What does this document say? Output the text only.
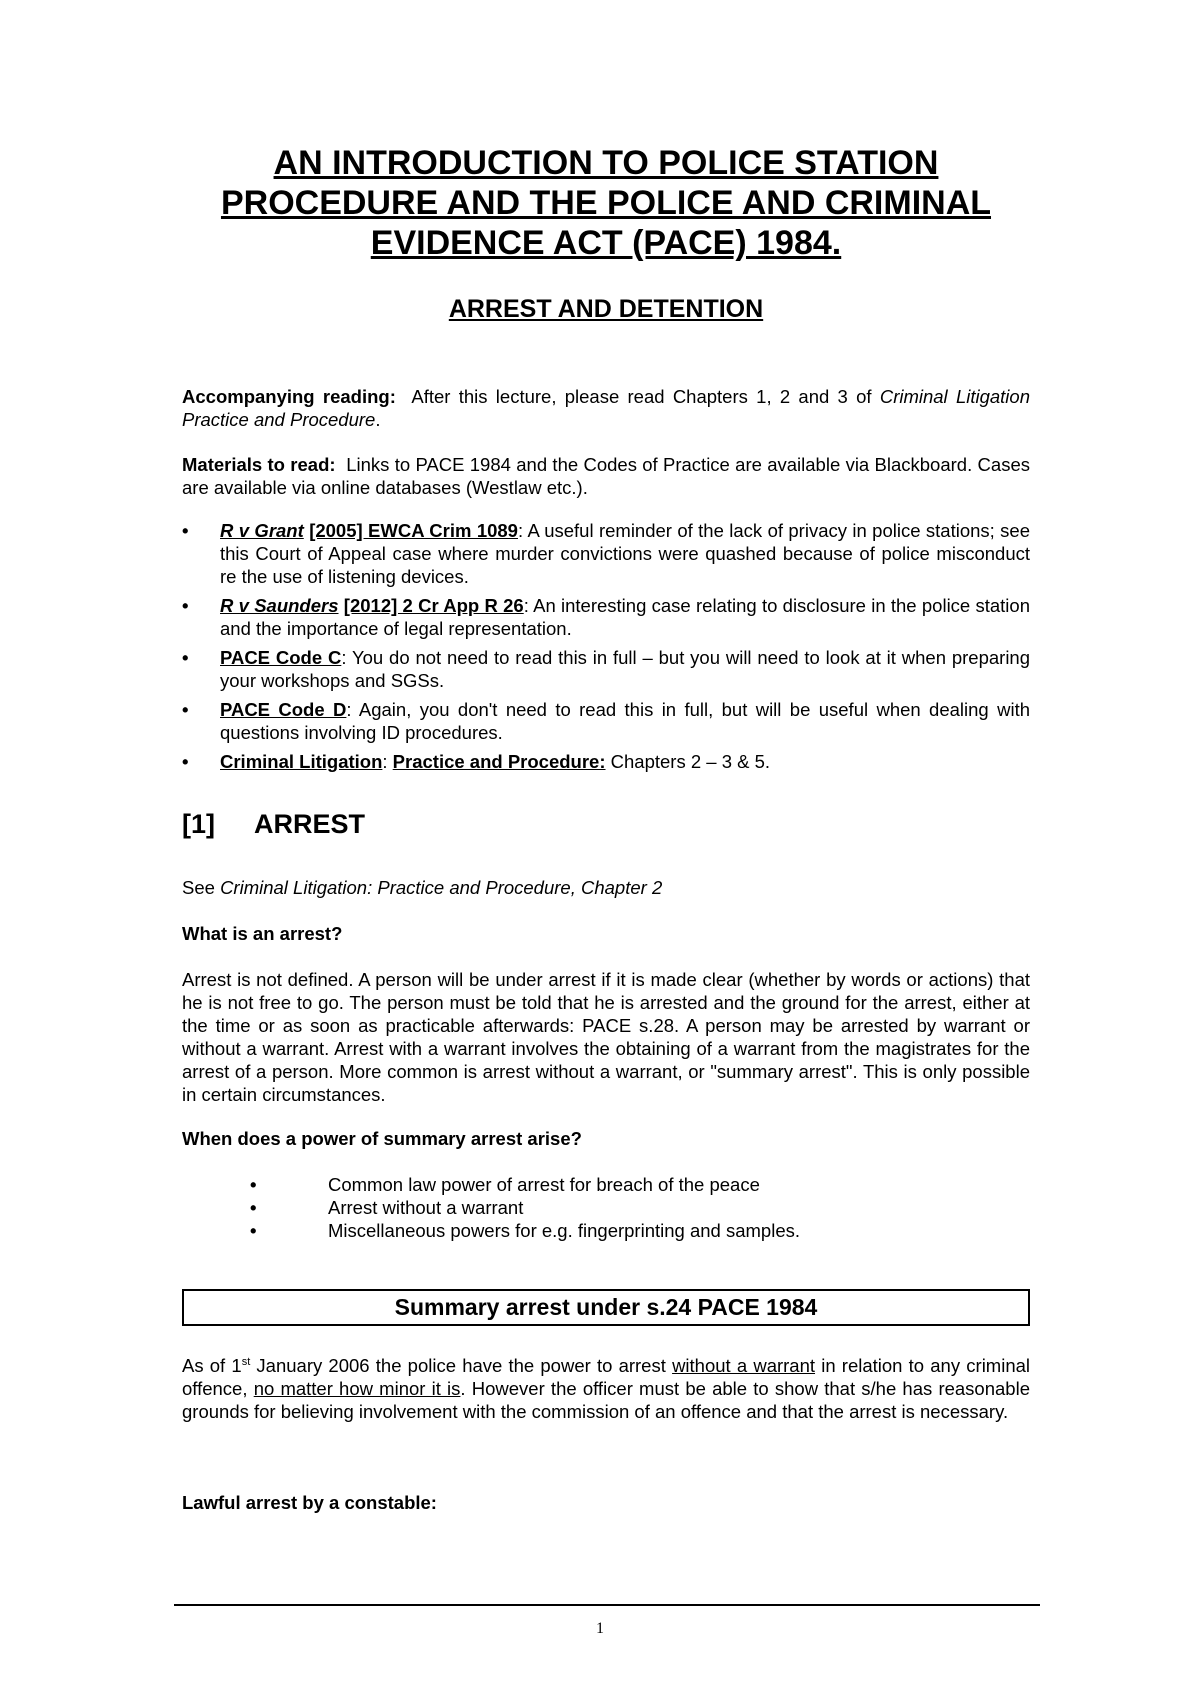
AN INTRODUCTION TO POLICE STATION
PROCEDURE AND THE POLICE AND CRIMINAL
EVIDENCE ACT (PACE) 1984.
ARREST AND DETENTION
Accompanying reading: After this lecture, please read Chapters 1, 2 and 3 of Criminal Litigation Practice and Procedure.
Materials to read: Links to PACE 1984 and the Codes of Practice are available via Blackboard. Cases are available via online databases (Westlaw etc.).
• R v Grant [2005] EWCA Crim 1089: A useful reminder of the lack of privacy in police stations; see this Court of Appeal case where murder convictions were quashed because of police misconduct re the use of listening devices.
• R v Saunders [2012] 2 Cr App R 26: An interesting case relating to disclosure in the police station and the importance of legal representation.
• PACE Code C: You do not need to read this in full – but you will need to look at it when preparing your workshops and SGSs.
• PACE Code D: Again, you don't need to read this in full, but will be useful when dealing with questions involving ID procedures.
• Criminal Litigation: Practice and Procedure: Chapters 2 – 3 & 5.
[1] ARREST
See Criminal Litigation: Practice and Procedure, Chapter 2
What is an arrest?
Arrest is not defined. A person will be under arrest if it is made clear (whether by words or actions) that he is not free to go. The person must be told that he is arrested and the ground for the arrest, either at the time or as soon as practicable afterwards: PACE s.28. A person may be arrested by warrant or without a warrant. Arrest with a warrant involves the obtaining of a warrant from the magistrates for the arrest of a person. More common is arrest without a warrant, or "summary arrest". This is only possible in certain circumstances.
When does a power of summary arrest arise?
•	Common law power of arrest for breach of the peace
•	Arrest without a warrant
•	Miscellaneous powers for e.g. fingerprinting and samples.
Summary arrest under s.24 PACE 1984
As of 1st January 2006 the police have the power to arrest without a warrant in relation to any criminal offence, no matter how minor it is. However the officer must be able to show that s/he has reasonable grounds for believing involvement with the commission of an offence and that the arrest is necessary.
Lawful arrest by a constable:
1
